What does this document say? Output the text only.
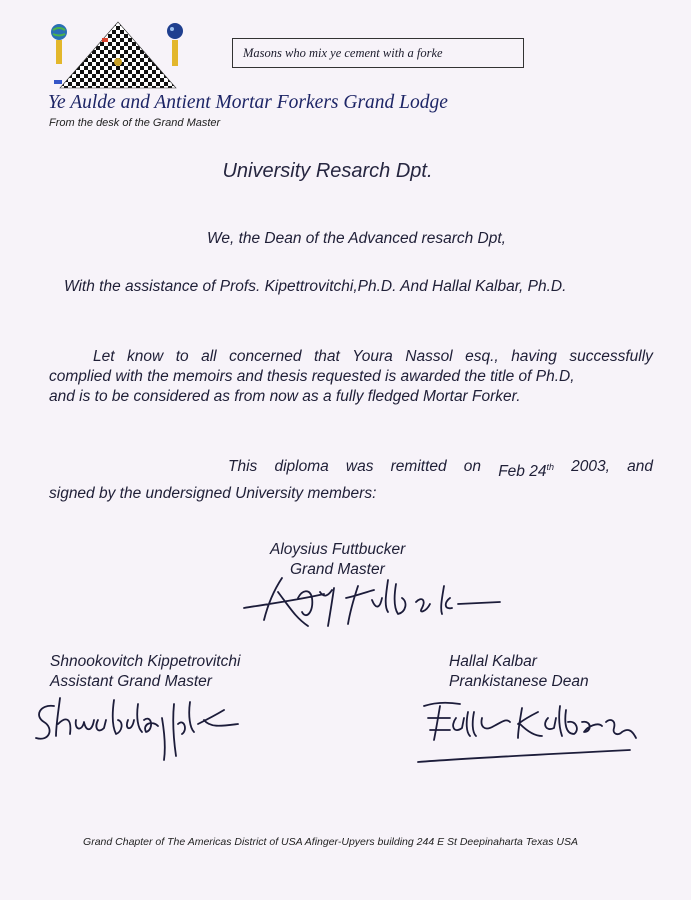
Masons who mix ye cement with a forke
Ye Aulde and Antient Mortar Forkers Grand Lodge
From the desk of the Grand Master
University Resarch Dpt.
We, the Dean of the Advanced resarch Dpt,
With the assistance of Profs. Kipettrovitchi,Ph.D. And Hallal Kalbar, Ph.D.
Let know to all concerned that Youra Nassol esq., having successfully
complied with the memoirs and thesis requested is awarded the title of Ph.D,
and is to be considered as from now as a fully fledged Mortar Forker.
This diploma was remitted on Feb 24th 2003, and
signed by the undersigned University members:
Aloysius Futtbucker
Grand Master
Shnookovitch Kippetrovitchi
Assistant Grand Master
Hallal Kalbar
Prankistanese Dean
Grand Chapter of The Americas District of USA Afinger-Upyers building 244 E St Deepinaharta Texas USA
